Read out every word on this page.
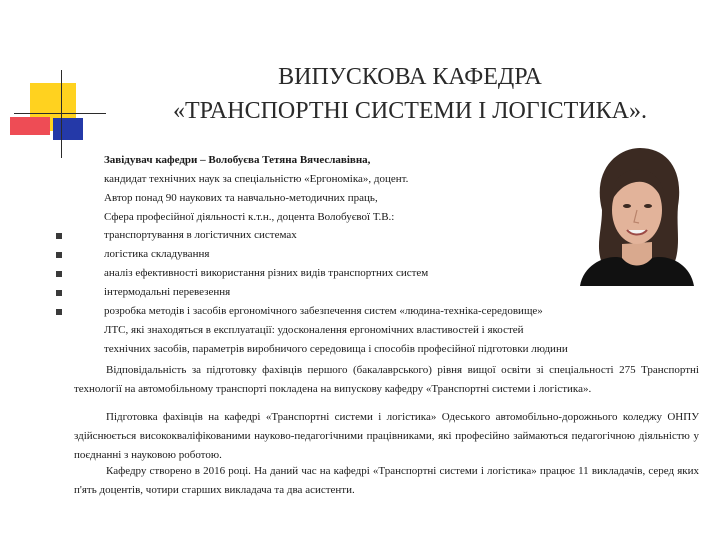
ВИПУСКОВА КАФЕДРА
«ТРАНСПОРТНІ СИСТЕМИ І ЛОГІСТИКА».
Завідувач кафедри – Волобуєва Тетяна Вячеславівна,
кандидат технічних наук за спеціальністю «Ергономіка», доцент.
Автор понад 90 наукових та навчально-методичних праць,
Сфера професійної діяльності к.т.н., доцента Волобуєвої Т.В.:
транспортування в логістичних системах
логістика складування
аналіз ефективності використання різних видів транспортних систем
інтермодальні перевезення
розробка методів і засобів ергономічного забезпечення систем «людина-техніка-середовище»
ЛТС, які знаходяться в експлуатації: удосконалення ергономічних властивостей і якостей
технічних засобів, параметрів виробничого середовища і способів професійної підготовки людини

Відповідальність за підготовку фахівців першого (бакалаврського) рівня вищої освіти зі спеціальності 275 Транспортні технології на автомобільному транспорті покладена на випускову кафедру «Транспортні системи і логістика».

Підготовка фахівців на кафедрі «Транспортні системи і логістика» Одеського автомобільно-дорожнього коледжу ОНПУ здійснюється висококваліфікованими науково-педагогічними працівниками, які професійно займаються педагогічною діяльністю у поєднанні з науковою роботою.

Кафедру створено в 2016 році. На даний час на кафедрі «Транспортні системи і логістика» працює 11 викладачів, серед яких п'ять доцентів, чотири старших викладача та два асистенти.
